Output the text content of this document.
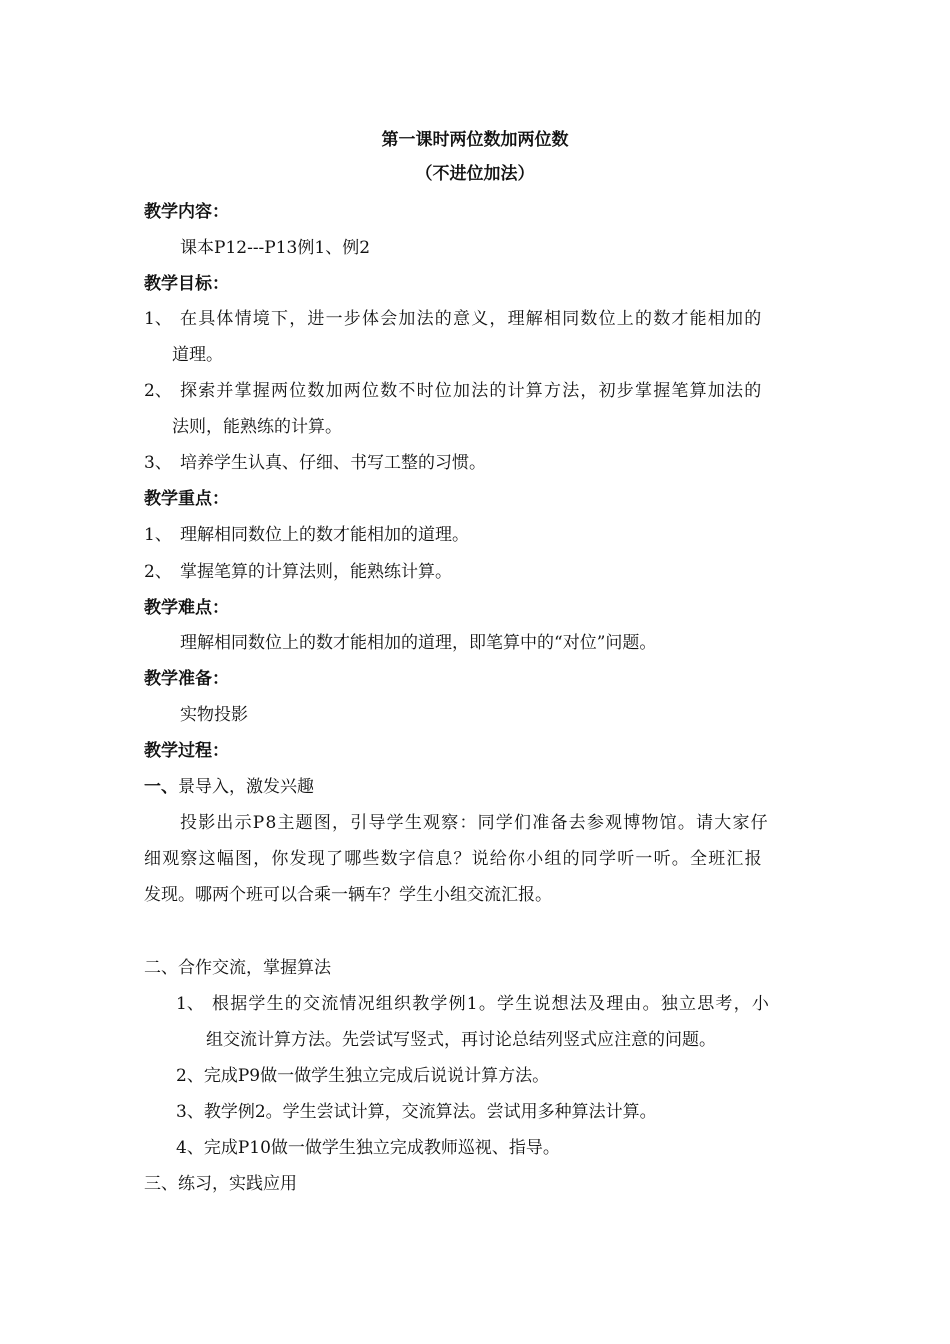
第一课时两位数加两位数
（不进位加法）
教学内容：
课本P12---P13例1、例2
教学目标：
1、 在具体情境下，进一步体会加法的意义，理解相同数位上的数才能相加的
道理。
2、 探索并掌握两位数加两位数不时位加法的计算方法，初步掌握笔算加法的
法则，能熟练的计算。
3、 培养学生认真、仔细、书写工整的习惯。
教学重点：
1、 理解相同数位上的数才能相加的道理。
2、 掌握笔算的计算法则，能熟练计算。
教学难点：
理解相同数位上的数才能相加的道理，即笔算中的“对位”问题。
教学准备：
实物投影
教学过程：
一、景导入，激发兴趣
投影出示P8主题图，引导学生观察：同学们准备去参观博物馆。请大家仔
细观察这幅图，你发现了哪些数字信息？说给你小组的同学听一听。全班汇报
发现。哪两个班可以合乘一辆车？学生小组交流汇报。
二、合作交流，掌握算法
1、 根据学生的交流情况组织教学例1。学生说想法及理由。独立思考，小
组交流计算方法。先尝试写竖式，再讨论总结列竖式应注意的问题。
2、完成P9做一做学生独立完成后说说计算方法。
3、教学例2。学生尝试计算，交流算法。尝试用多种算法计算。
4、完成P10做一做学生独立完成教师巡视、指导。
三、练习，实践应用
